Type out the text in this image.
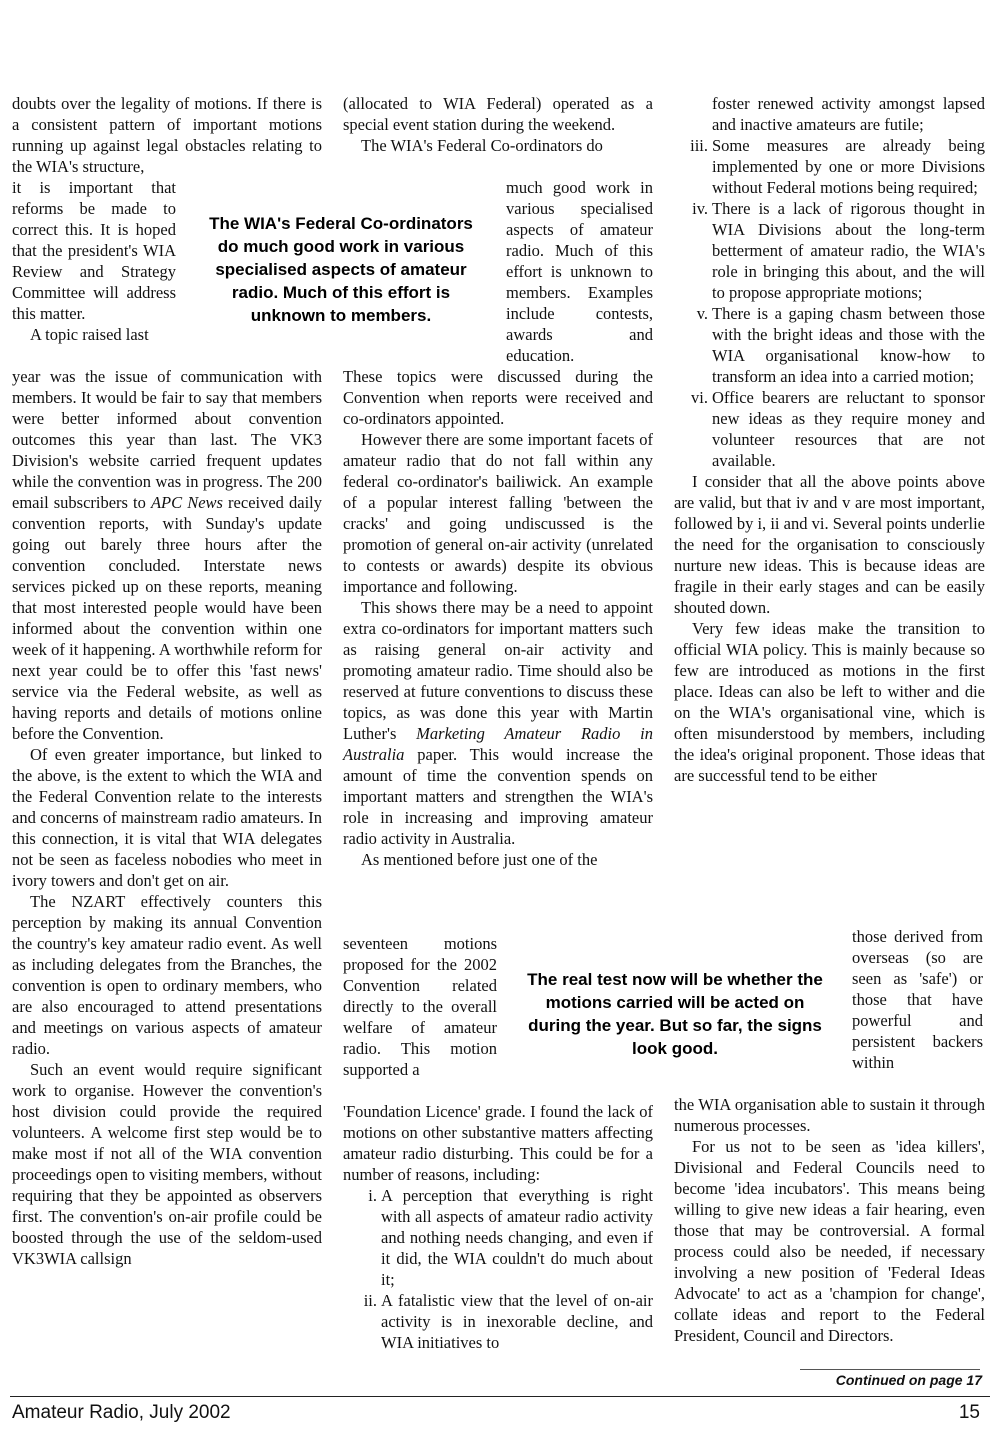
doubts over the legality of motions. If there is a consistent pattern of important motions running up against legal obstacles relating to the WIA's structure,

it is important that reforms be made to correct this. It is hoped that the president's WIA Review and Strategy Committee will address this matter.

A topic raised last

year was the issue of communication with members. It would be fair to say that members were better informed about convention outcomes this year than last. The VK3 Division's website carried frequent updates while the convention was in progress. The 200 email subscribers to APC News received daily convention reports, with Sunday's update going out barely three hours after the convention concluded. Interstate news services picked up on these reports, meaning that most interested people would have been informed about the convention within one week of it happening. A worthwhile reform for next year could be to offer this 'fast news' service via the Federal website, as well as having reports and details of motions online before the Convention.

Of even greater importance, but linked to the above, is the extent to which the WIA and the Federal Convention relate to the interests and concerns of mainstream radio amateurs. In this connection, it is vital that WIA delegates not be seen as faceless nobodies who meet in ivory towers and don't get on air.

The NZART effectively counters this perception by making its annual Convention the country's key amateur radio event. As well as including delegates from the Branches, the convention is open to ordinary members, who are also encouraged to attend presentations and meetings on various aspects of amateur radio.

Such an event would require significant work to organise. However the convention's host division could provide the required volunteers. A welcome first step would be to make most if not all of the WIA convention proceedings open to visiting members, without requiring that they be appointed as observers first. The convention's on-air profile could be boosted through the use of the seldom-used VK3WIA callsign

The WIA's Federal Co-ordinators do much good work in various specialised aspects of amateur radio. Much of this effort is unknown to members.

(allocated to WIA Federal) operated as a special event station during the weekend.

The WIA's Federal Co-ordinators do

much good work in various specialised aspects of amateur radio. Much of this effort is unknown to members. Examples include contests, awards and education.

These topics were discussed during the Convention when reports were received and co-ordinators appointed.

However there are some important facets of amateur radio that do not fall within any federal co-ordinator's bailiwick. An example of a popular interest falling 'between the cracks' and going undiscussed is the promotion of general on-air activity (unrelated to contests or awards) despite its obvious importance and following.

This shows there may be a need to appoint extra co-ordinators for important matters such as raising general on-air activity and promoting amateur radio. Time should also be reserved at future conventions to discuss these topics, as was done this year with Martin Luther's Marketing Amateur Radio in Australia paper. This would increase the amount of time the convention spends on important matters and strengthen the WIA's role in increasing and improving amateur radio activity in Australia.

As mentioned before just one of the

seventeen motions proposed for the 2002 Convention related directly to the overall welfare of amateur radio. This motion supported a

'Foundation Licence' grade. I found the lack of motions on other substantive matters affecting amateur radio disturbing. This could be for a number of reasons, including:

i. A perception that everything is right with all aspects of amateur radio activity and nothing needs changing, and even if it did, the WIA couldn't do much about it;
ii. A fatalistic view that the level of on-air activity is in inexorable decline, and WIA initiatives to
The real test now will be whether the motions carried will be acted on during the year. But so far, the signs look good.
foster renewed activity amongst lapsed and inactive amateurs are futile;
iii. Some measures are already being implemented by one or more Divisions without Federal motions being required;
iv. There is a lack of rigorous thought in WIA Divisions about the long-term betterment of amateur radio, the WIA's role in bringing this about, and the will to propose appropriate motions;
v. There is a gaping chasm between those with the bright ideas and those with the WIA organisational know-how to transform an idea into a carried motion;
vi. Office bearers are reluctant to sponsor new ideas as they require money and volunteer resources that are not available.

I consider that all the above points above are valid, but that iv and v are most important, followed by i, ii and vi. Several points underlie the need for the organisation to consciously nurture new ideas. This is because ideas are fragile in their early stages and can be easily shouted down.

Very few ideas make the transition to official WIA policy. This is mainly because so few are introduced as motions in the first place. Ideas can also be left to wither and die on the WIA's organisational vine, which is often misunderstood by members, including the idea's original proponent. Those ideas that are successful tend to be either

those derived from overseas (so are seen as 'safe') or those that have powerful and persistent backers within

the WIA organisation able to sustain it through numerous processes.

For us not to be seen as 'idea killers', Divisional and Federal Councils need to become 'idea incubators'. This means being willing to give new ideas a fair hearing, even those that may be controversial. A formal process could also be needed, if necessary involving a new position of 'Federal Ideas Advocate' to act as a 'champion for change', collate ideas and report to the Federal President, Council and Directors.

Continued on page 17
Amateur Radio, July 2002	15
